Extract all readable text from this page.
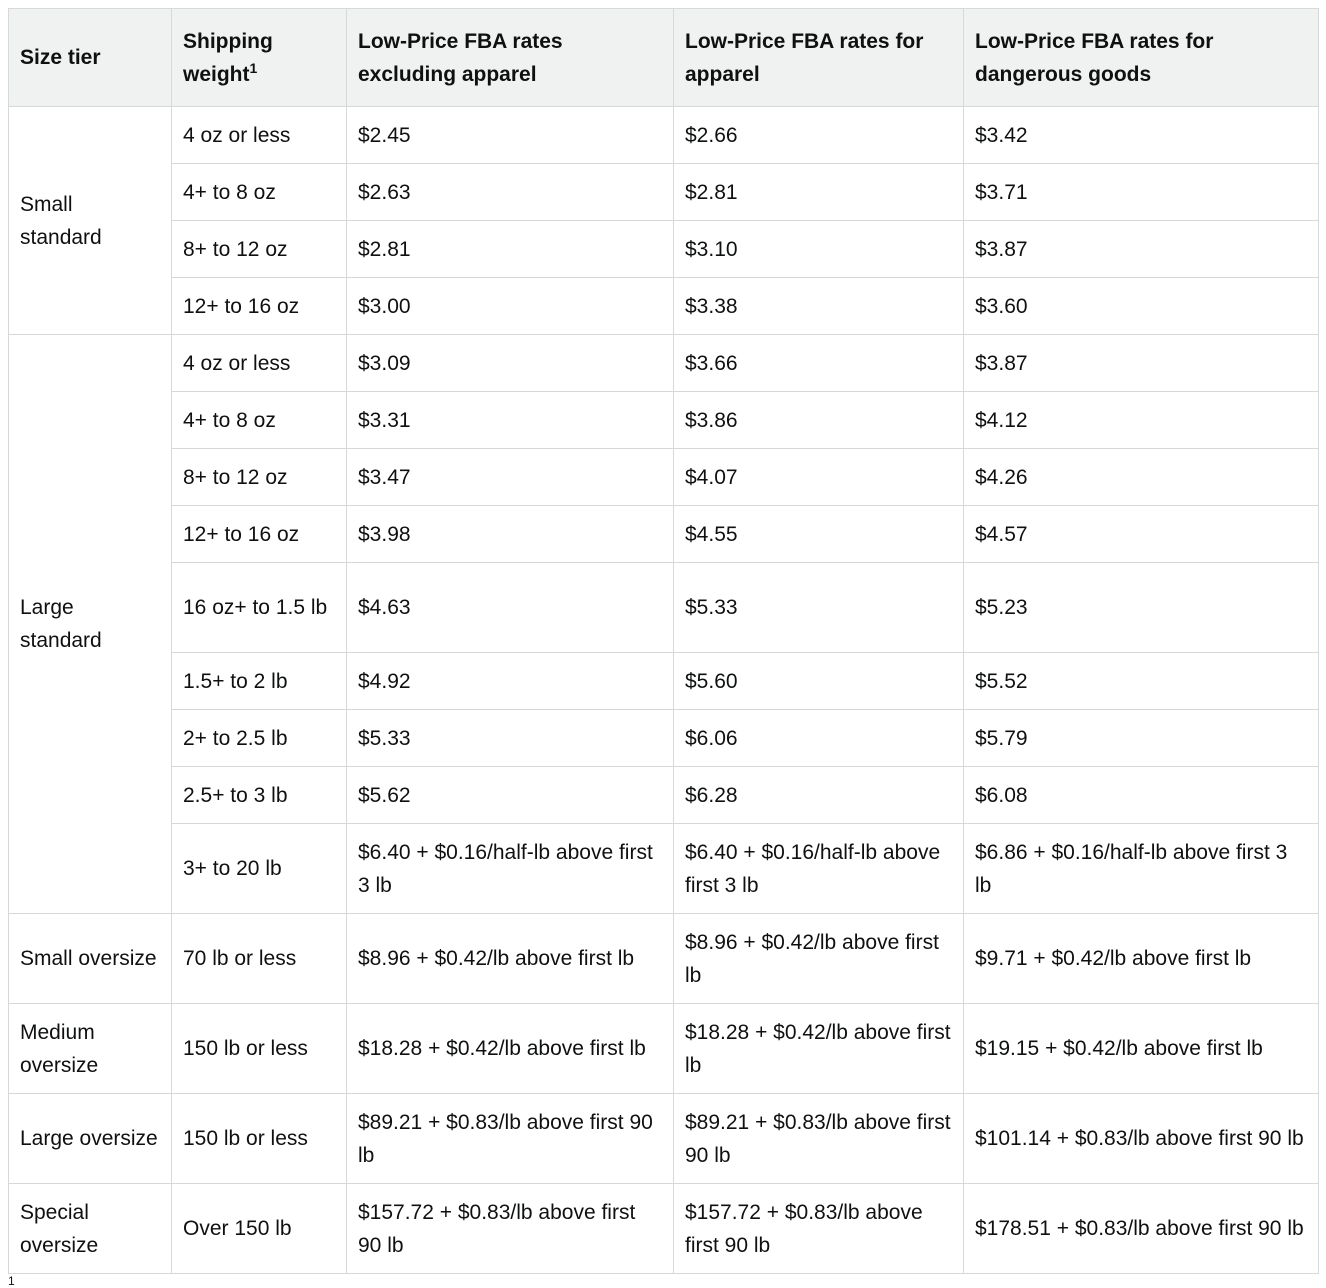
Size tier	Shipping weight$^1$	Low-Price FBA rates excluding apparel	Low-Price FBA rates for apparel	Low-Price FBA rates for dangerous goods
Small standard	4 oz or less	$2.45	$2.66	$3.42
	4+ to 8 oz	$2.63	$2.81	$3.71
	8+ to 12 oz	$2.81	$3.10	$3.87
	12+ to 16 oz	$3.00	$3.38	$3.60
Large standard	4 oz or less	$3.09	$3.66	$3.87
	4+ to 8 oz	$3.31	$3.86	$4.12
	8+ to 12 oz	$3.47	$4.07	$4.26
	12+ to 16 oz	$3.98	$4.55	$4.57
	16 oz+ to 1.5 lb	$4.63	$5.33	$5.23
	1.5+ to 2 lb	$4.92	$5.60	$5.52
	2+ to 2.5 lb	$5.33	$6.06	$5.79
	2.5+ to 3 lb	$5.62	$6.28	$6.08
	3+ to 20 lb	$6.40 + $0.16/half-lb above first 3 lb	$6.40 + $0.16/half-lb above first 3 lb	$6.86 + $0.16/half-lb above first 3 lb
Small oversize	70 lb or less	$8.96 + $0.42/lb above first lb	$8.96 + $0.42/lb above first lb	$9.71 + $0.42/lb above first lb
Medium oversize	150 lb or less	$18.28 + $0.42/lb above first lb	$18.28 + $0.42/lb above first lb	$19.15 + $0.42/lb above first lb
Large oversize	150 lb or less	$89.21 + $0.83/lb above first 90 lb	$89.21 + $0.83/lb above first 90 lb	$101.14 + $0.83/lb above first 90 lb
Special oversize	Over 150 lb	$157.72 + $0.83/lb above first 90 lb	$157.72 + $0.83/lb above first 90 lb	$178.51 + $0.83/lb above first 90 lb
1
